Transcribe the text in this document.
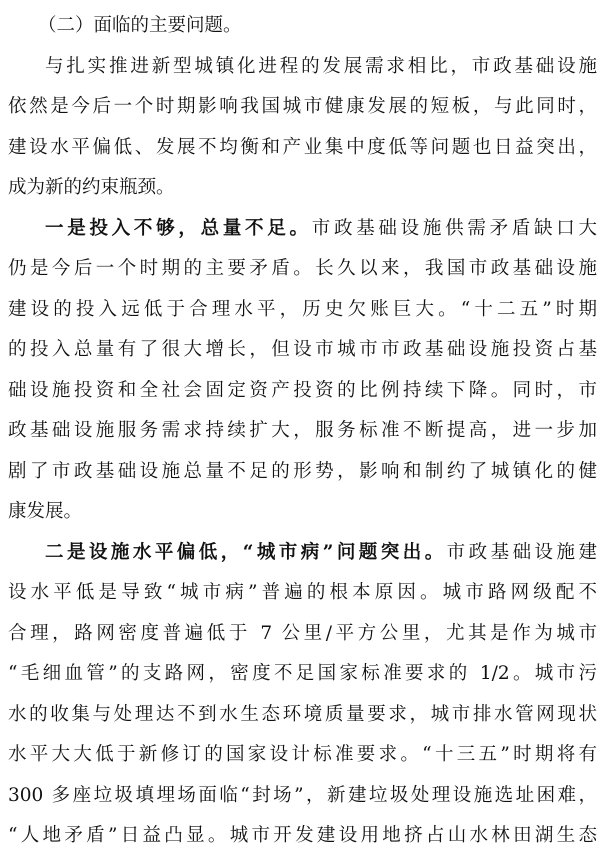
（二）面临的主要问题。
与扎实推进新型城镇化进程的发展需求相比，市政基础设施
依然是今后一个时期影响我国城市健康发展的短板，与此同时，
建设水平偏低、发展不均衡和产业集中度低等问题也日益突出，
成为新的约束瓶颈。
一是投入不够，总量不足。市政基础设施供需矛盾缺口大
仍是今后一个时期的主要矛盾。长久以来，我国市政基础设施
建设的投入远低于合理水平，历史欠账巨大。“十二五”时期
的投入总量有了很大增长，但设市城市市政基础设施投资占基
础设施投资和全社会固定资产投资的比例持续下降。同时，市
政基础设施服务需求持续扩大，服务标准不断提高，进一步加
剧了市政基础设施总量不足的形势，影响和制约了城镇化的健
康发展。
二是设施水平偏低，“城市病”问题突出。市政基础设施建
设水平低是导致“城市病”普遍的根本原因。城市路网级配不
合理，路网密度普遍低于 7 公里/平方公里，尤其是作为城市
“毛细血管”的支路网，密度不足国家标准要求的 1/2。城市污
水的收集与处理达不到水生态环境质量要求，城市排水管网现状
水平大大低于新修订的国家设计标准要求。“十三五”时期将有
300 多座垃圾填埋场面临“封场”，新建垃圾处理设施选址困难，
“人地矛盾”日益凸显。城市开发建设用地挤占山水林田湖生态
